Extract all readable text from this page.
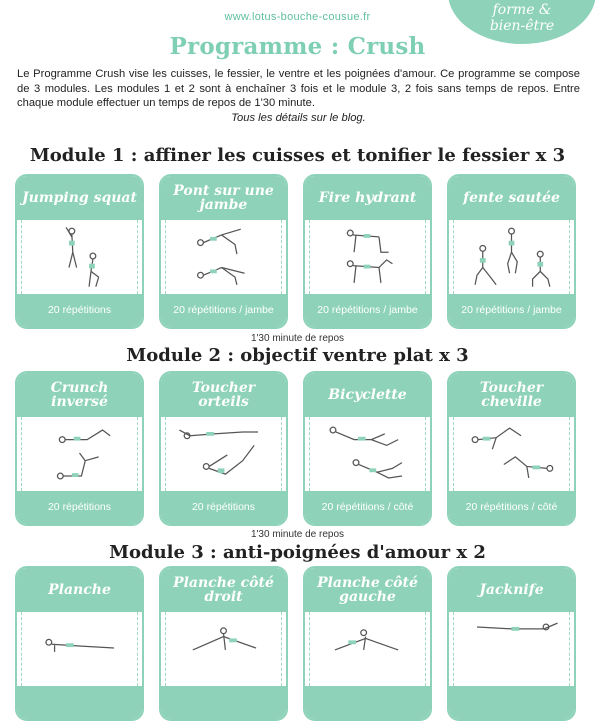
forme &
bien-être
www.lotus-bouche-cousue.fr
Programme : Crush
Le Programme Crush vise les cuisses, le fessier, le ventre et les poignées d'amour. Ce programme se compose de 3 modules. Les modules 1 et 2 sont à enchaîner 3 fois et le module 3, 2 fois sans temps de repos. Entre chaque module effectuer un temps de repos de 1'30 minute.
Tous les détails sur le blog.
Module 1 : affiner les cuisses et tonifier le fessier x 3
Jumping squat
20 répétitions
Pont sur une jambe
20 répétitions / jambe
Fire hydrant
20 répétitions / jambe
fente sautée
20 répétitions / jambe
1'30 minute de repos
Module 2 : objectif ventre plat x 3
Crunch inversé
20 répétitions
Toucher orteils
20 répétitions
Bicyclette
20 répétitions / côté
Toucher cheville
20 répétitions / côté
1'30 minute de repos
Module 3 : anti-poignées d'amour x 2
Planche	Planche côté droit
Planche côté gauche	Jacknife
